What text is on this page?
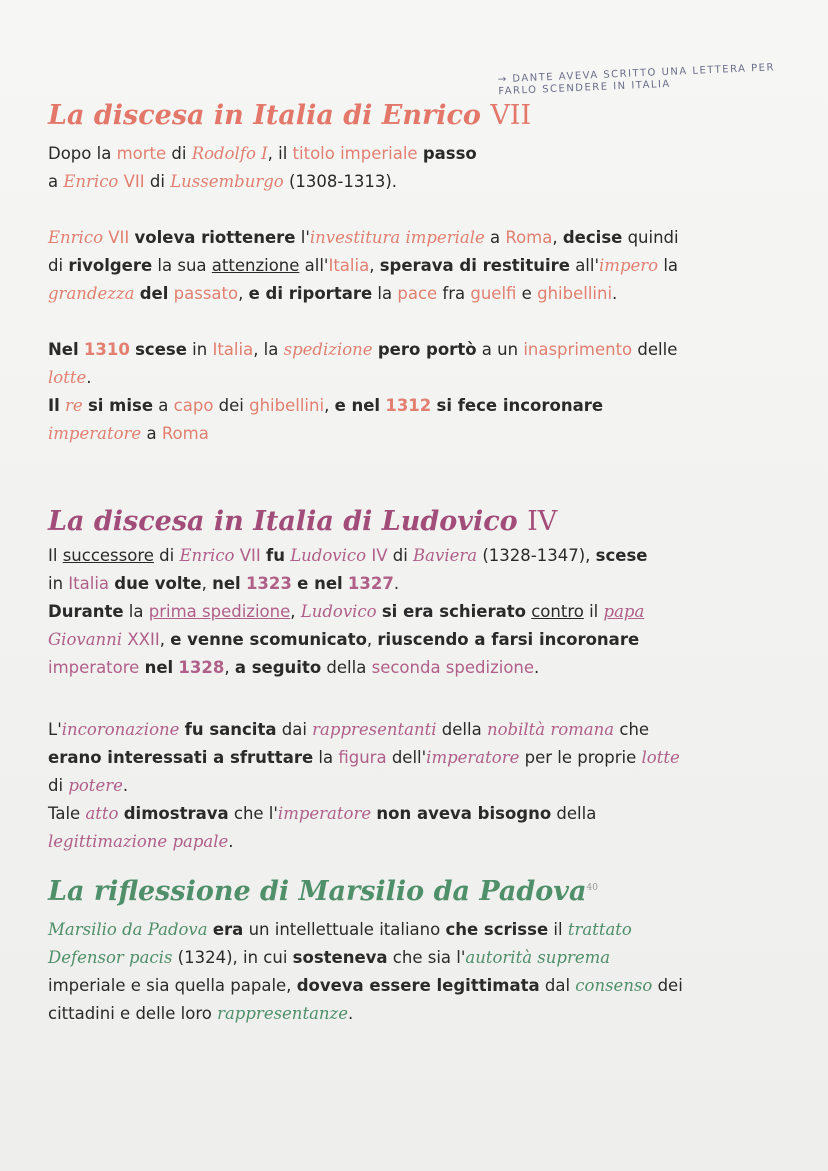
→ DANTE AVEVA SCRITTO UNA LETTERA PER FARLO SCENDERE IN ITALIA
La discesa in Italia di Enrico VII
Dopo la morte di Rodolfo I, il titolo imperiale passo
a Enrico VII di Lussemburgo (1308-1313).
Enrico VII voleva riottenere l'investitura imperiale a Roma, decise quindi
di rivolgere la sua attenzione all'Italia, sperava di restituire all'impero la
grandezza del passato, e di riportare la pace fra guelfi e ghibellini.
Nel 1310 scese in Italia, la spedizione pero portò a un inasprimento delle
lotte.
Il re si mise a capo dei ghibellini, e nel 1312 si fece incoronare
imperatore a Roma
La discesa in Italia di Ludovico IV
Il successore di Enrico VII fu Ludovico IV di Baviera (1328-1347), scese
in Italia due volte, nel 1323 e nel 1327.
Durante la prima spedizione, Ludovico si era schierato contro il papa
Giovanni XXII, e venne scomunicato, riuscendo a farsi incoronare
imperatore nel 1328, a seguito della seconda spedizione.
L'incoronazione fu sancita dai rappresentanti della nobiltà romana che
erano interessati a sfruttare la figura dell'imperatore per le proprie lotte
di potere.
Tale atto dimostrava che l'imperatore non aveva bisogno della
legittimazione papale.
La riflessione di Marsilio da Padova$^{40}$
Marsilio da Padova era un intellettuale italiano che scrisse il trattato
Defensor pacis (1324), in cui sosteneva che sia l'autorità suprema
imperiale e sia quella papale, doveva essere legittimata dal consenso dei
cittadini e delle loro rappresentanze.
